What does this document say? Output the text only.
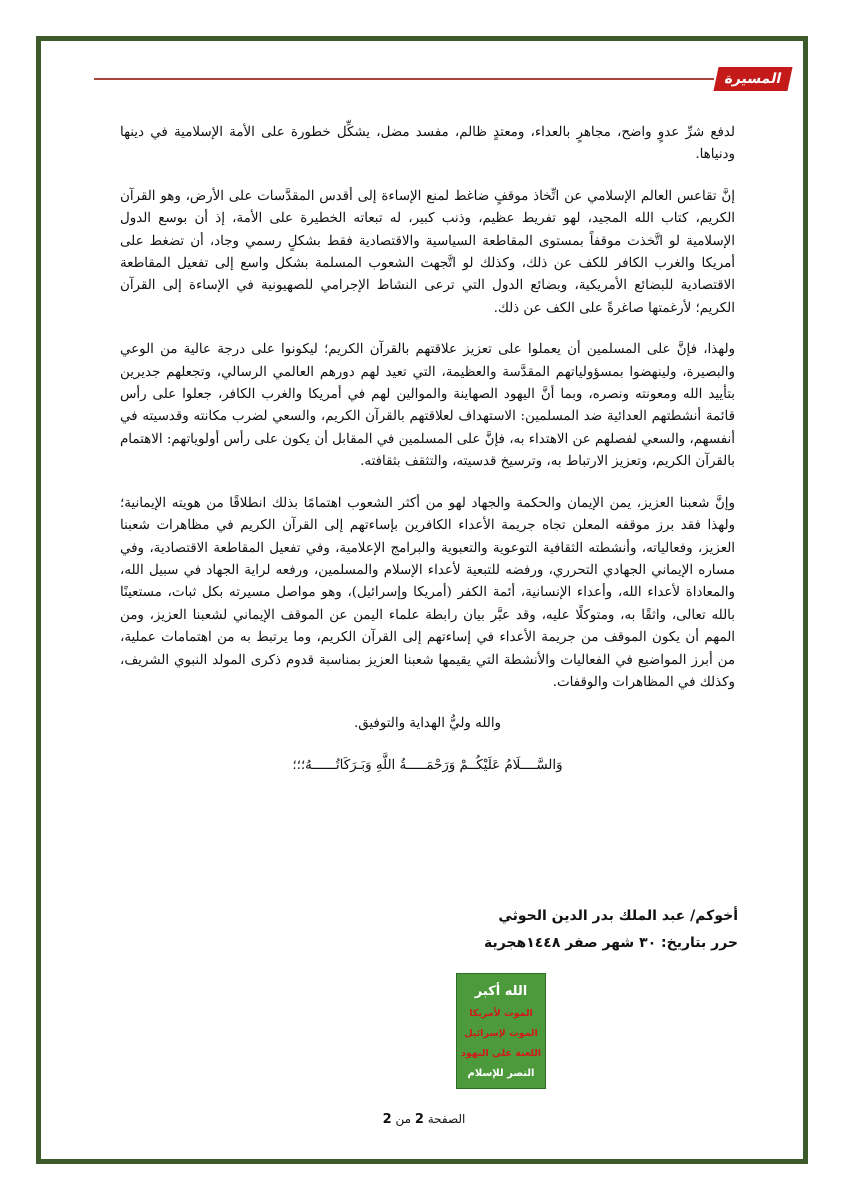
المسيرة

لدفع شرِّ عدوٍ واضح، مجاهرٍ بالعداء، ومعتدٍ ظالم، مفسد مضل، يشكِّل خطورة على الأمة الإسلامية في دينها ودنياها.

إنَّ تقاعس العالم الإسلامي عن اتِّخاذ موقفٍ ضاغط لمنع الإساءة إلى أقدس المقدَّسات على الأرض، وهو القرآن الكريم، كتاب الله المجيد، لهو تفريط عظيم، وذنب كبير، له تبعاته الخطيرة على الأمة، إذ أن بوسع الدول الإسلامية لو اتَّخذت موقفاً بمستوى المقاطعة السياسية والاقتصادية فقط بشكلٍ رسمي وجاد، أن تضغط على أمريكا والغرب الكافر للكف عن ذلك، وكذلك لو اتَّجهت الشعوب المسلمة بشكل واسع إلى تفعيل المقاطعة الاقتصادية للبضائع الأمريكية، وبضائع الدول التي ترعى النشاط الإجرامي للصهيونية في الإساءة إلى القرآن الكريم؛ لأرغمتها صاغرةً على الكف عن ذلك.

ولهذا، فإنَّ على المسلمين أن يعملوا على تعزيز علاقتهم بالقرآن الكريم؛ ليكونوا على درجة عالية من الوعي والبصيرة، ولينهضوا بمسؤولياتهم المقدَّسة والعظيمة، التي تعيد لهم دورهم العالمي الرسالي، وتجعلهم جديرين بتأييد الله ومعونته ونصره، وبما أنَّ اليهود الصهاينة والموالين لهم في أمريكا والغرب الكافر، جعلوا على رأس قائمة أنشطتهم العدائية ضد المسلمين: الاستهداف لعلاقتهم بالقرآن الكريم، والسعي لضرب مكانته وقدسيته في أنفسهم، والسعي لفصلهم عن الاهتداء به، فإنَّ على المسلمين في المقابل أن يكون على رأس أولوياتهم: الاهتمام بالقرآن الكريم، وتعزيز الارتباط به، وترسيخ قدسيته، والتثقف بثقافته.

وإنَّ شعبنا العزيز، يمن الإيمان والحكمة والجهاد لهو من أكثر الشعوب اهتمامًا بذلك انطلاقًا من هويته الإيمانية؛ ولهذا فقد برز موقفه المعلن تجاه جريمة الأعداء الكافرين بإساءتهم إلى القرآن الكريم في مظاهرات شعبنا العزيز، وفعالياته، وأنشطته الثقافية التوعوية والتعبوية والبرامج الإعلامية، وفي تفعيل المقاطعة الاقتصادية، وفي مساره الإيماني الجهادي التحرري، ورفضه للتبعية لأعداء الإسلام والمسلمين، ورفعه لراية الجهاد في سبيل الله، والمعاداة لأعداء الله، وأعداء الإنسانية، أئمة الكفر (أمريكا وإسرائيل)، وهو مواصل مسيرته بكل ثبات، مستعينًا بالله تعالى، واثقًا به، ومتوكلًا عليه، وقد عبَّر بيان رابطة علماء اليمن عن الموقف الإيماني لشعبنا العزيز، ومن المهم أن يكون الموقف من جريمة الأعداء في إساءتهم إلى القرآن الكريم، وما يرتبط به من اهتمامات عملية، من أبرز المواضيع في الفعاليات والأنشطة التي يقيمها شعبنا العزيز بمناسبة قدوم ذكرى المولد النبوي الشريف، وكذلك في المظاهرات والوقفات.

والله وليُّ الهداية والتوفيق.

وَالسَّــــلَامُ عَلَيْكُــمْ وَرَحْمَـــــةُ اللَّهِ وَبَـرَكَاتُــــــهُ؛؛؛

أخوكم/ عبد الملك بدر الدين الحوثي
حرر بتاريخ: ٣٠ شهر صفر ١٤٤٨هجرية
الله أكبر
الموت لأمريكا
الموت لإسرائيل
اللعنة على اليهود
النصر للإسلام
الصفحة 2 من 2
